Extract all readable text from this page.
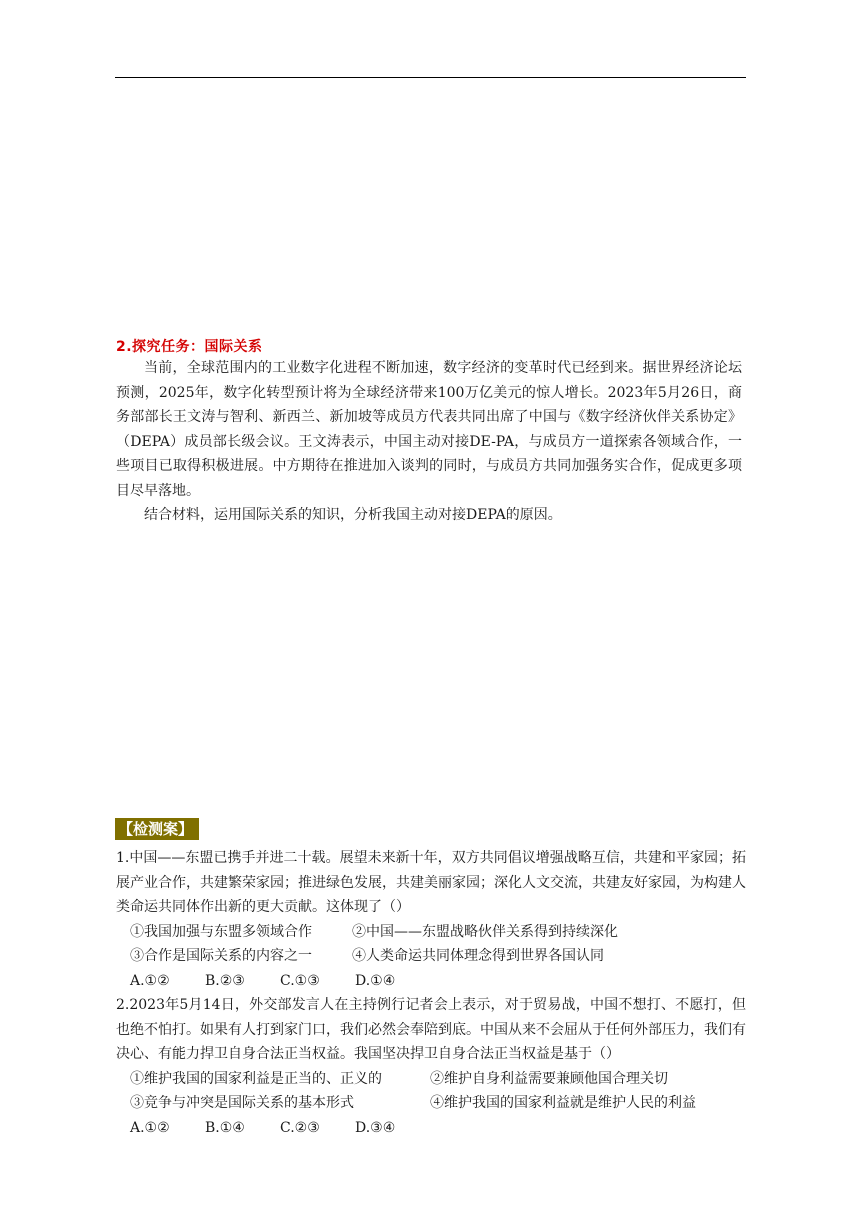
2.探究任务：国际关系

当前，全球范围内的工业数字化进程不断加速，数字经济的变革时代已经到来。据世界经济论坛预测，2025年，数字化转型预计将为全球经济带来100万亿美元的惊人增长。2023年5月26日，商务部部长王文涛与智利、新西兰、新加坡等成员方代表共同出席了中国与《数字经济伙伴关系协定》（DEPA）成员部长级会议。王文涛表示，中国主动对接DE-PA，与成员方一道探索各领域合作，一些项目已取得积极进展。中方期待在推进加入谈判的同时，与成员方共同加强务实合作，促成更多项目尽早落地。

结合材料，运用国际关系的知识，分析我国主动对接DEPA的原因。

【检测案】
1.中国——东盟已携手并进二十载。展望未来新十年，双方共同倡议增强战略互信，共建和平家园；拓展产业合作，共建繁荣家园；推进绿色发展，共建美丽家园；深化人文交流，共建友好家园，为构建人类命运共同体作出新的更大贡献。这体现了（）
①我国加强与东盟多领域合作	②中国——东盟战略伙伴关系得到持续深化
③合作是国际关系的内容之一	④人类命运共同体理念得到世界各国认同
A.①②	B.②③	C.①③	D.①④
2.2023年5月14日，外交部发言人在主持例行记者会上表示，对于贸易战，中国不想打、不愿打，但也绝不怕打。如果有人打到家门口，我们必然会奉陪到底。中国从来不会屈从于任何外部压力，我们有决心、有能力捍卫自身合法正当权益。我国坚决捍卫自身合法正当权益是基于（）
①维护我国的国家利益是正当的、正义的	②维护自身利益需要兼顾他国合理关切
③竞争与冲突是国际关系的基本形式	④维护我国的国家利益就是维护人民的利益
A.①②	B.①④	C.②③	D.③④
